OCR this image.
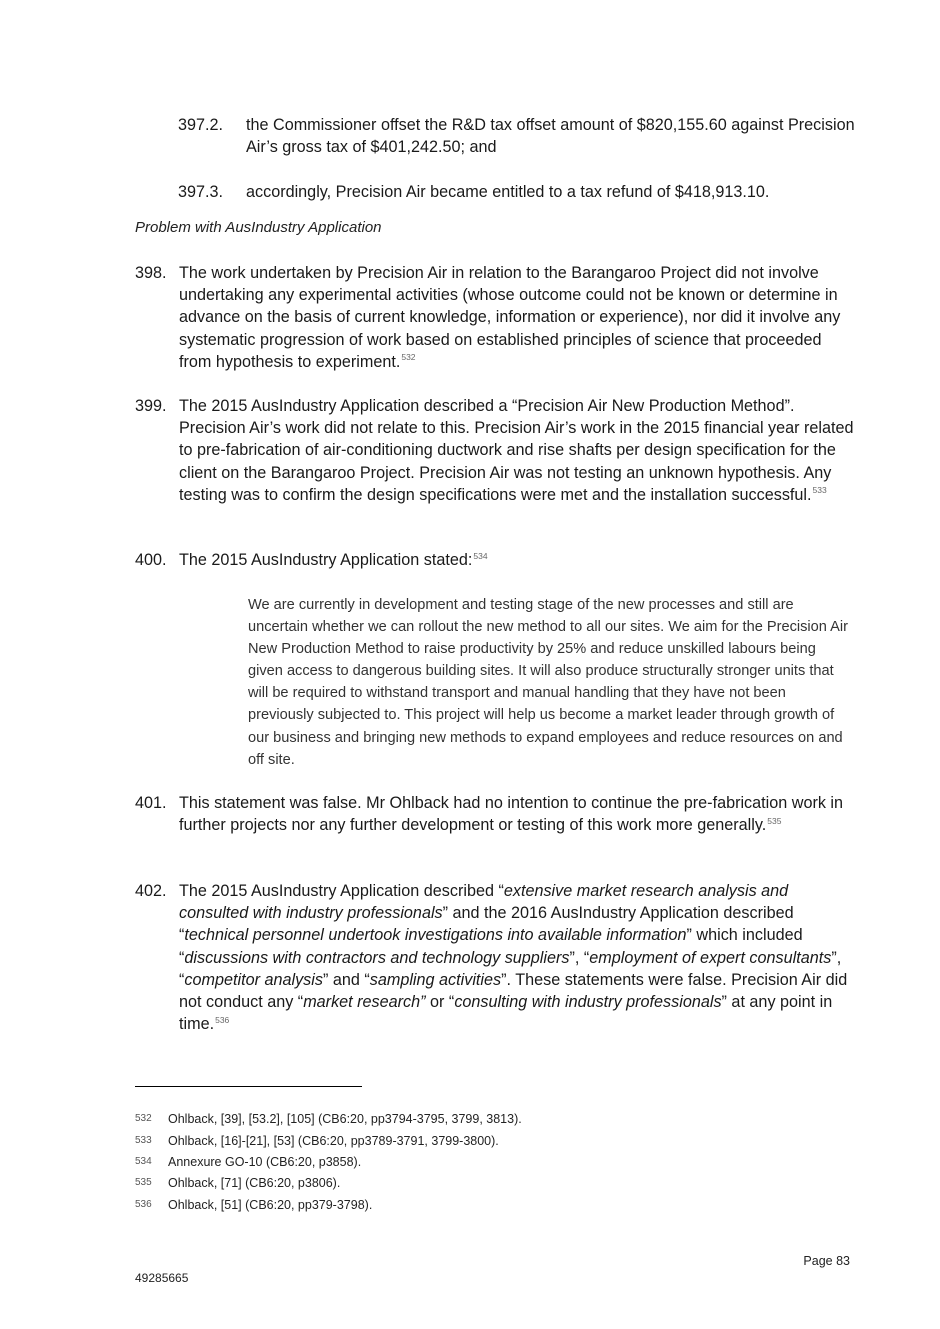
397.2. the Commissioner offset the R&D tax offset amount of $820,155.60 against Precision Air’s gross tax of $401,242.50; and
397.3. accordingly, Precision Air became entitled to a tax refund of $418,913.10.
Problem with AusIndustry Application
398. The work undertaken by Precision Air in relation to the Barangaroo Project did not involve undertaking any experimental activities (whose outcome could not be known or determine in advance on the basis of current knowledge, information or experience), nor did it involve any systematic progression of work based on established principles of science that proceeded from hypothesis to experiment.$^{532}$
399. The 2015 AusIndustry Application described a “Precision Air New Production Method”. Precision Air’s work did not relate to this. Precision Air’s work in the 2015 financial year related to pre-fabrication of air-conditioning ductwork and rise shafts per design specification for the client on the Barangaroo Project. Precision Air was not testing an unknown hypothesis. Any testing was to confirm the design specifications were met and the installation successful.$^{533}$
400. The 2015 AusIndustry Application stated:$^{534}$
We are currently in development and testing stage of the new processes and still are uncertain whether we can rollout the new method to all our sites. We aim for the Precision Air New Production Method to raise productivity by 25% and reduce unskilled labours being given access to dangerous building sites. It will also produce structurally stronger units that will be required to withstand transport and manual handling that they have not been previously subjected to. This project will help us become a market leader through growth of our business and bringing new methods to expand employees and reduce resources on and off site.
401. This statement was false. Mr Ohlback had no intention to continue the pre-fabrication work in further projects nor any further development or testing of this work more generally.$^{535}$
402. The 2015 AusIndustry Application described “extensive market research analysis and consulted with industry professionals” and the 2016 AusIndustry Application described “technical personnel undertook investigations into available information” which included “discussions with contractors and technology suppliers”, “employment of expert consultants”, “competitor analysis” and “sampling activities”. These statements were false. Precision Air did not conduct any “market research” or “consulting with industry professionals” at any point in time.$^{536}$
532 Ohlback, [39], [53.2], [105] (CB6:20, pp3794-3795, 3799, 3813).
533 Ohlback, [16]-[21], [53] (CB6:20, pp3789-3791, 3799-3800).
534 Annexure GO-10 (CB6:20, p3858).
535 Ohlback, [71] (CB6:20, p3806).
536 Ohlback, [51] (CB6:20, pp379-3798).
Page 83
49285665
